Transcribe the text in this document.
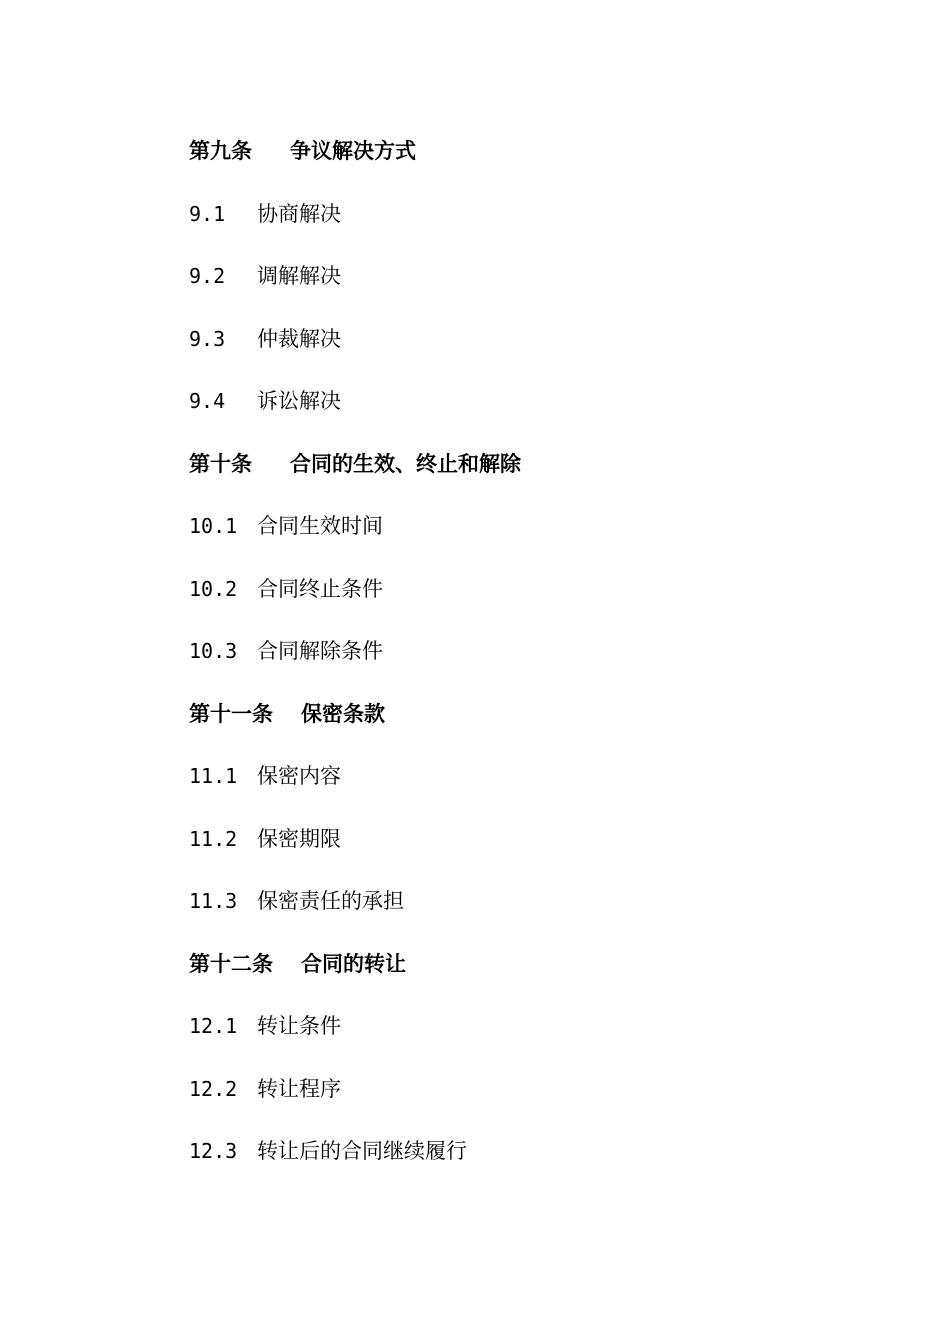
第九条 争议解决方式
9.1 协商解决
9.2 调解解决
9.3 仲裁解决
9.4 诉讼解决
第十条 合同的生效、终止和解除
10.1 合同生效时间
10.2 合同终止条件
10.3 合同解除条件
第十一条 保密条款
11.1 保密内容
11.2 保密期限
11.3 保密责任的承担
第十二条 合同的转让
12.1 转让条件
12.2 转让程序
12.3 转让后的合同继续履行
